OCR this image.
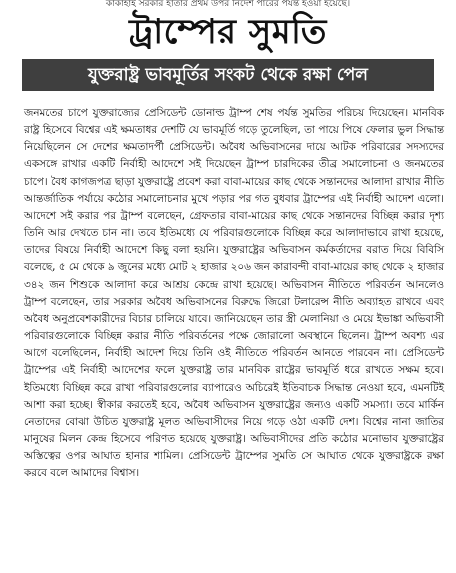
কাকাহাই সরকার হাতার প্রথম উপর নির্দেশ পারের পর্যন্ত হওয়া হয়েছে।
ট্রাম্পের সুমতি
যুক্তরাষ্ট্র ভাবমূর্তির সংকট থেকে রক্ষা পেল

জনমতের চাপে যুক্তরাজ্যের প্রেসিডেন্ট ডোনাল্ড ট্রাম্প শেষ পর্যন্ত সুমতির পরিচয় দিয়েছেন। মানবিক রাষ্ট্র হিসেবে বিশ্বের এই ক্ষমতাধর দেশটি যে ভাবমূর্তি গড়ে তুলেছিল, তা পায়ে পিষে ফেলার ভুল সিদ্ধান্ত নিয়েছিলেন সে দেশের ক্ষমতাদর্পী প্রেসিডেন্ট। অবৈধ অভিবাসনের দায়ে আটক পরিবারের সদস্যদের একসঙ্গে রাখার একটি নির্বাহী আদেশে সই দিয়েছেন ট্রাম্প চারদিকের তীব্র সমালোচনা ও জনমতের চাপে। বৈধ কাগজপত্র ছাড়া যুক্তরাষ্ট্রে প্রবেশ করা বাবা-মায়ের কাছ থেকে সন্তানদের আলাদা রাখার নীতি আন্তর্জাতিক পর্যায়ে কঠোর সমালোচনার মুখে পড়ার পর গত বুধবার ট্রাম্পের এই নির্বাহী আদেশ এলো। আদেশে সই করার পর ট্রাম্প বলেছেন, গ্রেফতার বাবা-মায়ের কাছ থেকে সন্তানদের বিচ্ছিন্ন করার দৃশ্য তিনি আর দেখতে চান না। তবে ইতিমধ্যে যে পরিবারগুলোকে বিচ্ছিন্ন করে আলাদাভাবে রাখা হয়েছে, তাদের বিষয়ে নির্বাহী আদেশে কিছু বলা হয়নি। যুক্তরাষ্ট্রের অভিবাসন কর্মকর্তাদের বরাত দিয়ে বিবিসি বলেছে, ৫ মে থেকে ৯ জুনের মধ্যে মোট ২ হাজার ২০৬ জন কারাবন্দী বাবা-মায়ের কাছ থেকে ২ হাজার ৩৪২ জন শিশুকে আলাদা করে আশ্রয় কেন্দ্রে রাখা হয়েছে। অভিবাসন নীতিতে পরিবর্তন আনলেও ট্রাম্প বলেছেন, তার সরকার অবৈধ অভিবাসনের বিরুদ্ধে জিরো টলারেন্স নীতি অব্যাহত রাখবে এবং অবৈধ অনুপ্রবেশকারীদের বিচার চালিয়ে যাবে। জানিয়েছেন তার স্ত্রী মেলানিয়া ও মেয়ে ইভাঙ্কা অভিবাসী পরিবারগুলোকে বিচ্ছিন্ন করার নীতি পরিবর্তনের পক্ষে জোরালো অবস্থানে ছিলেন। ট্রাম্প অবশ্য এর আগে বলেছিলেন, নির্বাহী আদেশ দিয়ে তিনি ওই নীতিতে পরিবর্তন আনতে পারবেন না। প্রেসিডেন্ট ট্রাম্পের এই নির্বাহী আদেশের ফলে যুক্তরাষ্ট্র তার মানবিক রাষ্ট্রের ভাবমূর্তি ধরে রাখতে সক্ষম হবে। ইতিমধ্যে বিচ্ছিন্ন করে রাখা পরিবারগুলোর ব্যাপারেও অচিরেই ইতিবাচক সিদ্ধান্ত নেওয়া হবে, এমনটিই আশা করা হচ্ছে। স্বীকার করতেই হবে, অবৈধ অভিবাসন যুক্তরাষ্ট্রের জন্যও একটি সমস্যা। তবে মার্কিন নেতাদের বোঝা উচিত যুক্তরাষ্ট্র মূলত অভিবাসীদের নিয়ে গড়ে ওঠা একটি দেশ। বিশ্বের নানা জাতির মানুষের মিলন কেন্দ্র হিসেবে পরিণত হয়েছে যুক্তরাষ্ট্র। অভিবাসীদের প্রতি কঠোর মনোভাব যুক্তরাষ্ট্রের অস্তিত্বের ওপর আঘাত হানার শামিল। প্রেসিডেন্ট ট্রাম্পের সুমতি সে আঘাত থেকে যুক্তরাষ্ট্রকে রক্ষা করবে বলে আমাদের বিশ্বাস।
